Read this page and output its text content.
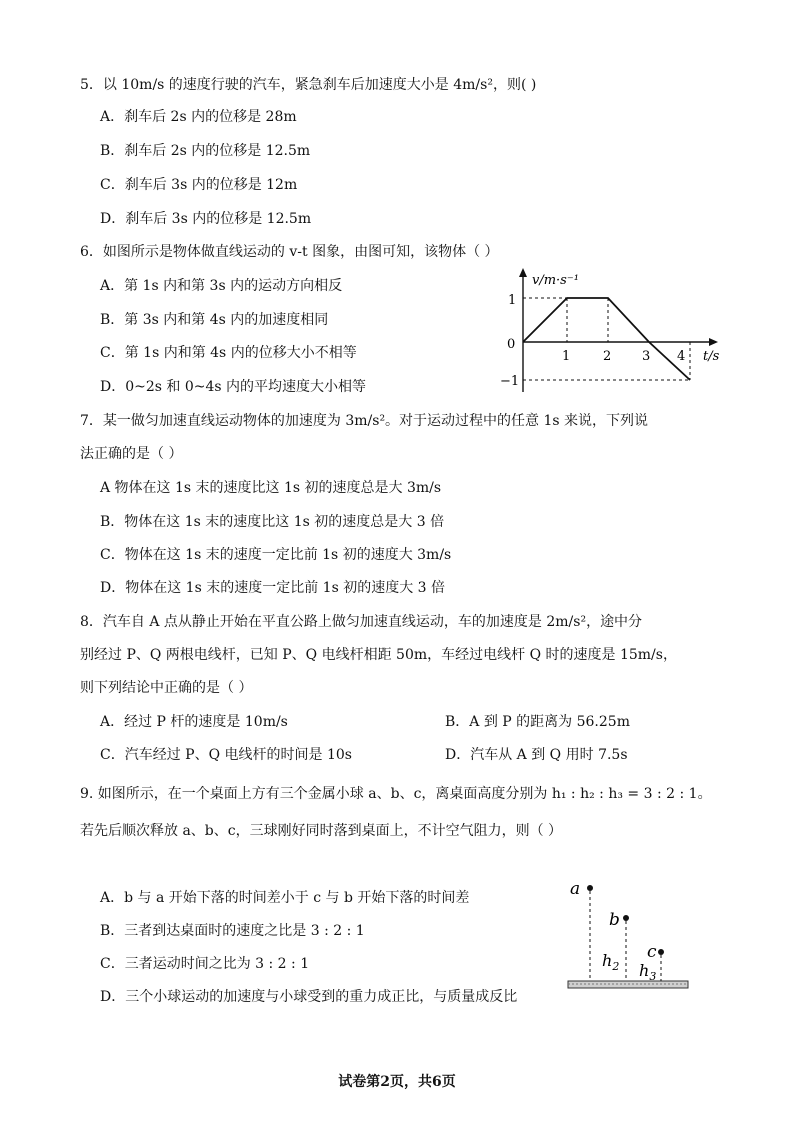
5．以 10m/s 的速度行驶的汽车，紧急刹车后加速度大小是 4m/s²，则( )
A．刹车后 2s 内的位移是 28m
B．刹车后 2s 内的位移是 12.5m
C．刹车后 3s 内的位移是 12m
D．刹车后 3s 内的位移是 12.5m
6．如图所示是物体做直线运动的 v-t 图象，由图可知，该物体（ ）
A．第 1s 内和第 3s 内的运动方向相反
B．第 3s 内和第 4s 内的加速度相同
C．第 1s 内和第 4s 内的位移大小不相等
D．0~2s 和 0~4s 内的平均速度大小相等
v/m·s⁻¹
t/s
0
1
−1
1	2 3 4
7．某一做匀加速直线运动物体的加速度为 3m/s²。对于运动过程中的任意 1s 来说，下列说
法正确的是（ ）
A 物体在这 1s 末的速度比这 1s 初的速度总是大 3m/s
B．物体在这 1s 末的速度比这 1s 初的速度总是大 3 倍
C．物体在这 1s 末的速度一定比前 1s 初的速度大 3m/s
D．物体在这 1s 末的速度一定比前 1s 初的速度大 3 倍
8．汽车自 A 点从静止开始在平直公路上做匀加速直线运动，车的加速度是 2m/s²，途中分
别经过 P、Q 两根电线杆，已知 P、Q 电线杆相距 50m，车经过电线杆 Q 时的速度是 15m/s，
则下列结论中正确的是（ ）
A．经过 P 杆的速度是 10m/s	B．A 到 P 的距离为 56.25m
C．汽车经过 P、Q 电线杆的时间是 10s	D．汽车从 A 到 Q 用时 7.5s
9. 如图所示，在一个桌面上方有三个金属小球 a、b、c，离桌面高度分别为 h₁ : h₂ : h₃ = 3 : 2 : 1。
若先后顺次释放 a、b、c，三球刚好同时落到桌面上，不计空气阻力，则（ ）
A．b 与 a 开始下落的时间差小于 c 与 b 开始下落的时间差
B．三者到达桌面时的速度之比是 3 : 2 : 1
C．三者运动时间之比为 3 : 2 : 1
D．三个小球运动的加速度与小球受到的重力成正比，与质量成反比
a
b
c
$h_2$ $h_3$
试卷第2页，共6页
